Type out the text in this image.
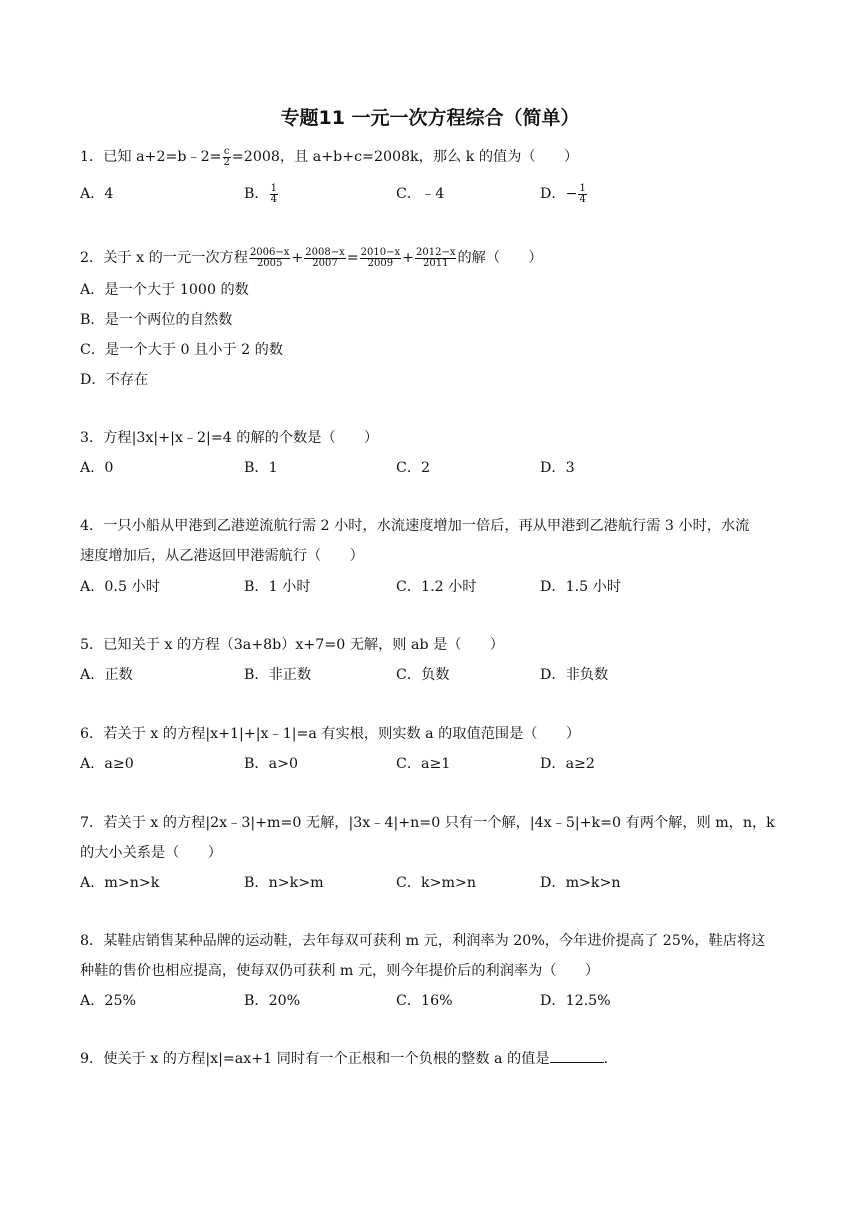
专题11 一元一次方程综合（简单）
1．已知 a+2=b﹣2= $\frac{c}{2} =2008$，且 a+b+c=2008k，那么 k 的值为（　　）
A．4	B． $\frac{1}{4}$	C．﹣4	D．− $\frac{1}{4}$
2．关于 x 的一元一次方程 $\frac{2006-x}{2005} + \frac{2008-x}{2007} = \frac{2010-x}{2009} + \frac{2012-x}{2011}$ 的解（　　）
A．是一个大于 1000 的数
B．是一个两位的自然数
C．是一个大于 0 且小于 2 的数
D．不存在
3．方程|3x|+|x﹣2|=4 的解的个数是（　　）
A．0	B．1	C．2	D．3
4．一只小船从甲港到乙港逆流航行需 2 小时，水流速度增加一倍后，再从甲港到乙港航行需 3 小时，水流
速度增加后，从乙港返回甲港需航行（　　）
A．0.5 小时	B．1 小时	C．1.2 小时	D．1.5 小时
5．已知关于 x 的方程（3a+8b）x+7=0 无解，则 ab 是（　　）
A．正数	B．非正数	C．负数	D．非负数
6．若关于 x 的方程|x+1|+|x﹣1|=a 有实根，则实数 a 的取值范围是（　　）
A．a≥0	B．a>0	C．a≥1	D．a≥2
7．若关于 x 的方程|2x﹣3|+m=0 无解，|3x﹣4|+n=0 只有一个解，|4x﹣5|+k=0 有两个解，则 m，n，k
的大小关系是（　　）
A．m>n>k	B．n>k>m	C．k>m>n	D．m>k>n
8．某鞋店销售某种品牌的运动鞋，去年每双可获利 m 元，利润率为 20%，今年进价提高了 25%，鞋店将这
种鞋的售价也相应提高，使每双仍可获利 m 元，则今年提价后的利润率为（　　）
A．25%	B．20%	C．16%	D．12.5%
9．使关于 x 的方程|x|=ax+1 同时有一个正根和一个负根的整数 a 的值是	．
